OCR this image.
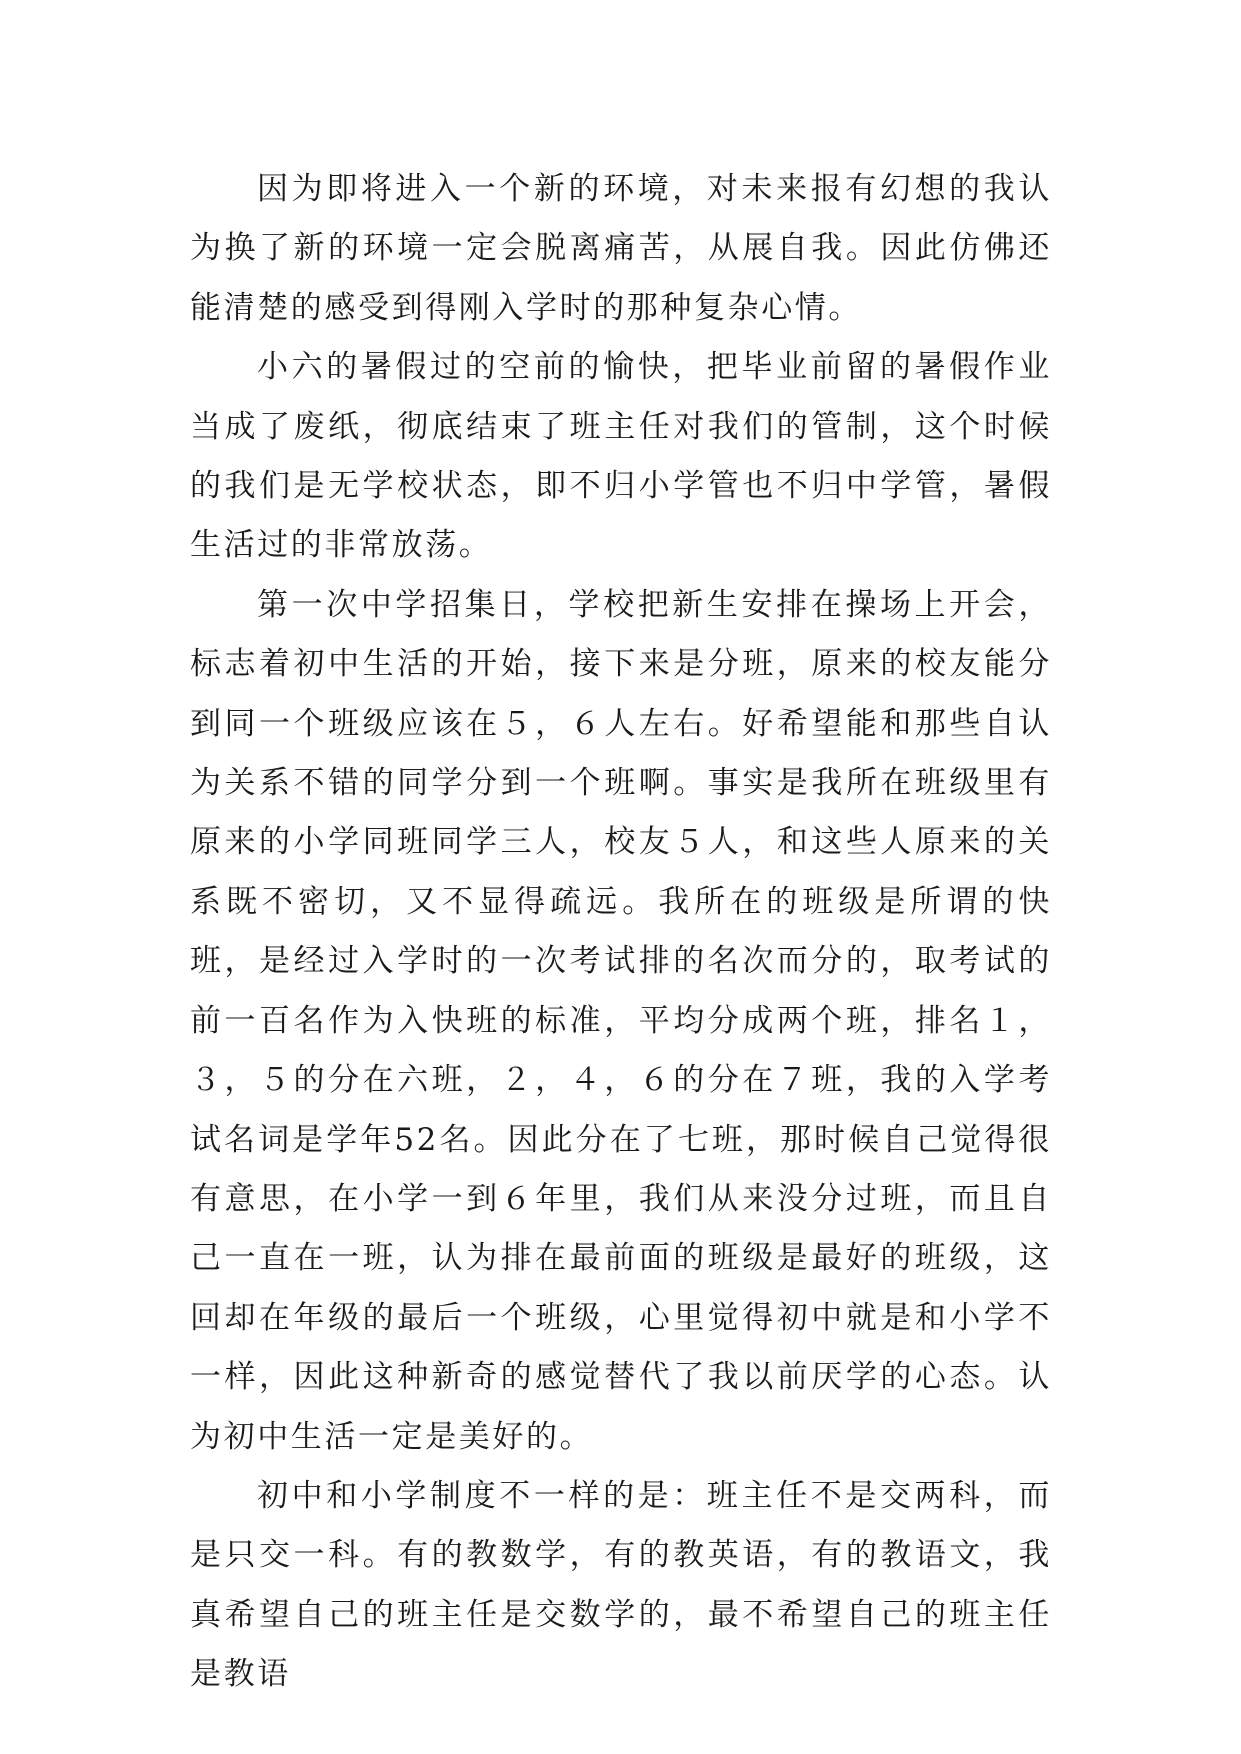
因为即将进入一个新的环境，对未来报有幻想的我认为换了新的环境一定会脱离痛苦，从展自我。因此仿佛还能清楚的感受到得刚入学时的那种复杂心情。

小六的暑假过的空前的愉快，把毕业前留的暑假作业当成了废纸，彻底结束了班主任对我们的管制，这个时候的我们是无学校状态，即不归小学管也不归中学管，暑假生活过的非常放荡。

第一次中学招集日，学校把新生安排在操场上开会，标志着初中生活的开始，接下来是分班，原来的校友能分到同一个班级应该在５，６人左右。好希望能和那些自认为关系不错的同学分到一个班啊。事实是我所在班级里有原来的小学同班同学三人，校友５人，和这些人原来的关系既不密切，又不显得疏远。我所在的班级是所谓的快班，是经过入学时的一次考试排的名次而分的，取考试的前一百名作为入快班的标准，平均分成两个班，排名１，３，５的分在六班，２，４，６的分在７班，我的入学考试名词是学年52名。因此分在了七班，那时候自己觉得很有意思，在小学一到６年里，我们从来没分过班，而且自己一直在一班，认为排在最前面的班级是最好的班级，这回却在年级的最后一个班级，心里觉得初中就是和小学不一样，因此这种新奇的感觉替代了我以前厌学的心态。认为初中生活一定是美好的。

初中和小学制度不一样的是：班主任不是交两科，而是只交一科。有的教数学，有的教英语，有的教语文，我真希望自己的班主任是交数学的，最不希望自己的班主任是教语
